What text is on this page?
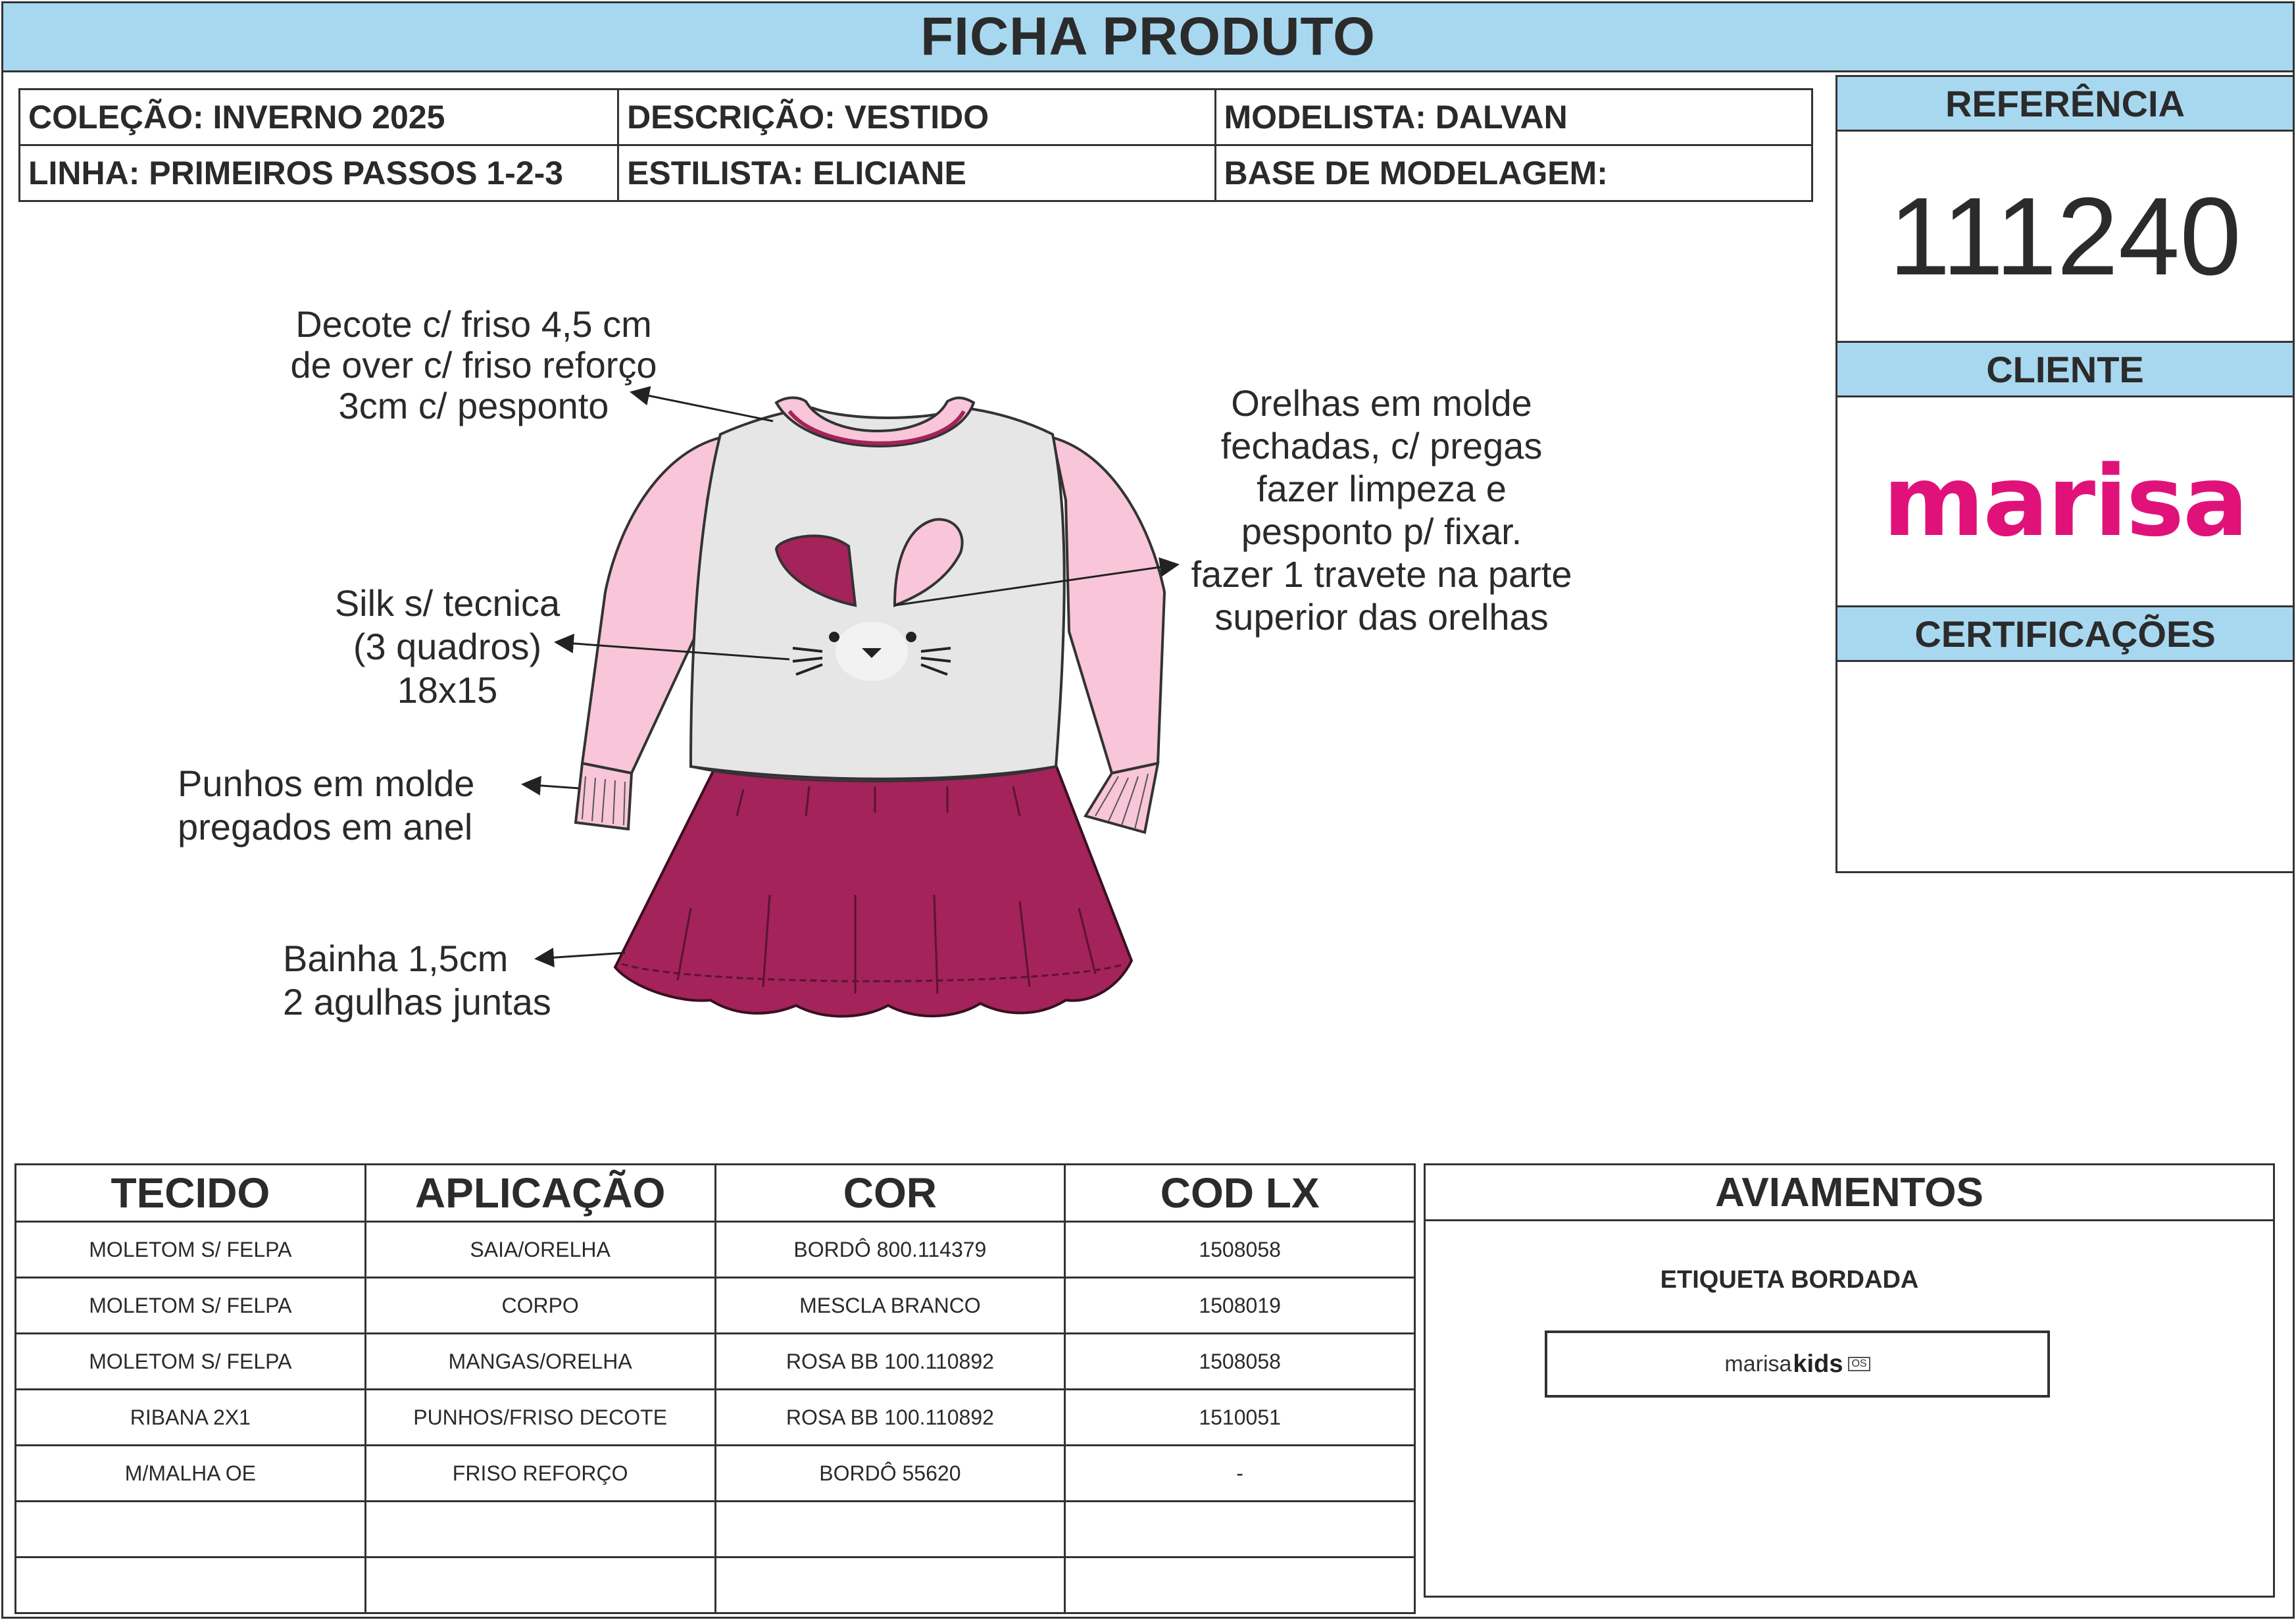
FICHA PRODUTO
COLEÇÃO: INVERNO 2025	DESCRIÇÃO: VESTIDO	MODELISTA: DALVAN
LINHA: PRIMEIROS PASSOS 1-2-3	ESTILISTA: ELICIANE	BASE DE MODELAGEM:
REFERÊNCIA
111240
CLIENTE
marisa
CERTIFICAÇÕES
Decote c/ friso 4,5 cm
de over c/ friso reforço
3cm c/ pesponto	Orelhas em molde
fechadas, c/ pregas
fazer limpeza e
pesponto p/ fixar.
fazer 1 travete na parte
superior das orelhas
Silk s/ tecnica
(3 quadros)
18x15
Punhos em molde
pregados em anel
Bainha 1,5cm
2 agulhas juntas
TECIDO	APLICAÇÃO	COR	COD LX
MOLETOM S/ FELPA	SAIA/ORELHA	BORDÔ 800.114379	1508058
MOLETOM S/ FELPA	CORPO	MESCLA BRANCO	1508019
MOLETOM S/ FELPA	MANGAS/ORELHA	ROSA BB 100.110892	1508058
RIBANA 2X1	PUNHOS/FRISO DECOTE	ROSA BB 100.110892	1510051
M/MALHA OE	FRISO REFORÇO	BORDÔ 55620	-

AVIAMENTOS
ETIQUETA BORDADA
marisa kids OS
